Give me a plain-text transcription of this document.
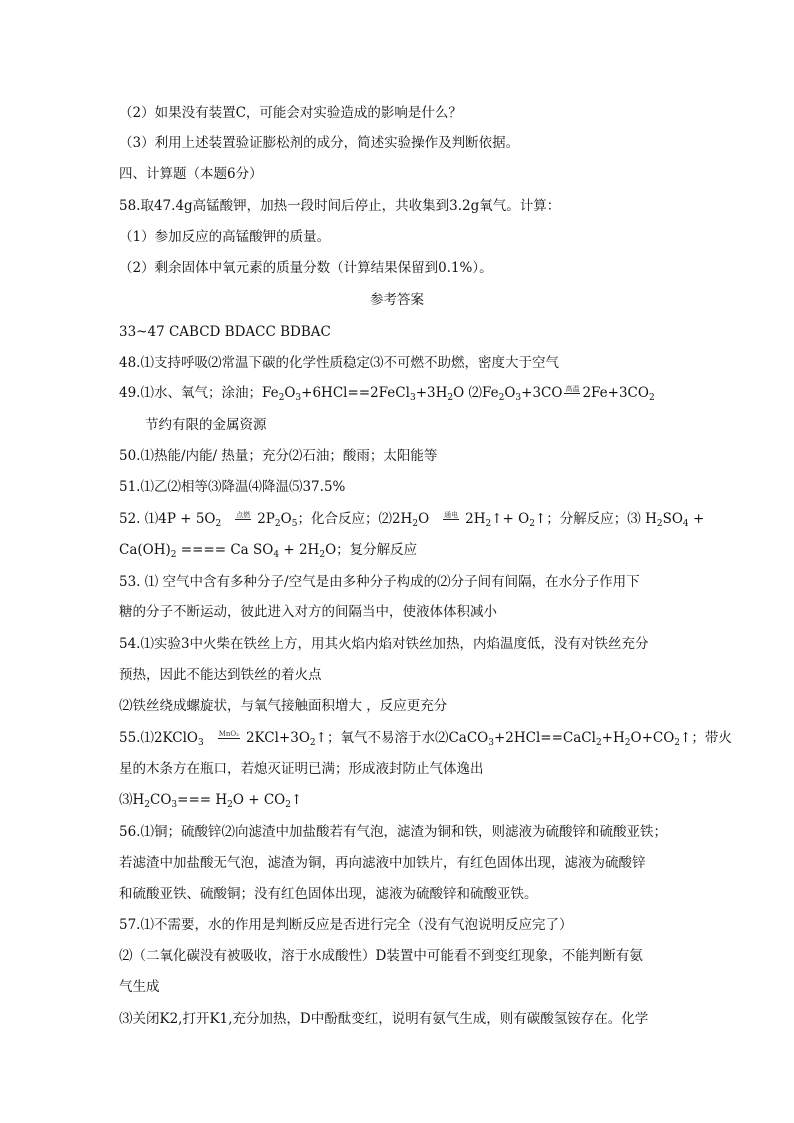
（2）如果没有装置C，可能会对实验造成的影响是什么？
（3）利用上述装置验证膨松剂的成分，简述实验操作及判断依据。
四、计算题（本题6分）
58.取47.4g高锰酸钾，加热一段时间后停止，共收集到3.2g氧气。计算：
（1）参加反应的高锰酸钾的质量。
（2）剩余固体中氧元素的质量分数（计算结果保留到0.1%）。
参考答案
33~47 CABCD BDACC BDBAC
48.⑴支持呼吸⑵常温下碳的化学性质稳定⑶不可燃不助燃，密度大于空气
49.⑴水、氧气；涂油；$Fe_2O_3+6HCl==2FeCl_3+3H_2O$ $⑵Fe_2O_3+3CO$ 高温 $2Fe+3CO_2$
节约有限的金属资源
50.⑴热能/内能/ 热量；充分⑵石油；酸雨；太阳能等
51.⑴乙⑵相等⑶降温⑷降温⑸37.5%
52. ⑴4P + $5O_2$点燃 $2P_2O_5$；化合反应；$⑵2H_2O$ 通电 $2H_2↑+$ $O_2↑$；分解反应；⑶ $H_2SO_4$ +
$Ca(OH)_2$ ==== Ca $SO_4 + 2H_2O$；复分解反应
53. ⑴ 空气中含有多种分子/空气是由多种分子构成的⑵分子间有间隔，在水分子作用下
糖的分子不断运动，彼此进入对方的间隔当中，使液体体积减小
54.⑴实验3中火柴在铁丝上方，用其火焰内焰对铁丝加热，内焰温度低，没有对铁丝充分
预热，因此不能达到铁丝的着火点
⑵铁丝绕成螺旋状，与氧气接触面积增大 ，反应更充分
55.⑴2KClO$_3$MnO₂ $2KCl+3O_2↑$；氧气不易溶于水$⑵CaCO_3+2HCl==CaCl_2+H_2O+CO_2↑$；带火
星的木条方在瓶口，若熄灭证明已满；形成液封防止气体逸出
$⑶H_2CO_3=== H_2O$ + $CO_2↑$
56.⑴铜；硫酸锌⑵向滤渣中加盐酸若有气泡，滤渣为铜和铁，则滤液为硫酸锌和硫酸亚铁；
若滤渣中加盐酸无气泡，滤渣为铜，再向滤液中加铁片，有红色固体出现，滤液为硫酸锌
和硫酸亚铁、硫酸铜；没有红色固体出现，滤液为硫酸锌和硫酸亚铁。
57.⑴不需要，水的作用是判断反应是否进行完全（没有气泡说明反应完了）
⑵（二氧化碳没有被吸收，溶于水成酸性）D装置中可能看不到变红现象，不能判断有氨
气生成
⑶关闭K2,打开K1,充分加热，D中酚酞变红，说明有氨气生成，则有碳酸氢铵存在。化学
